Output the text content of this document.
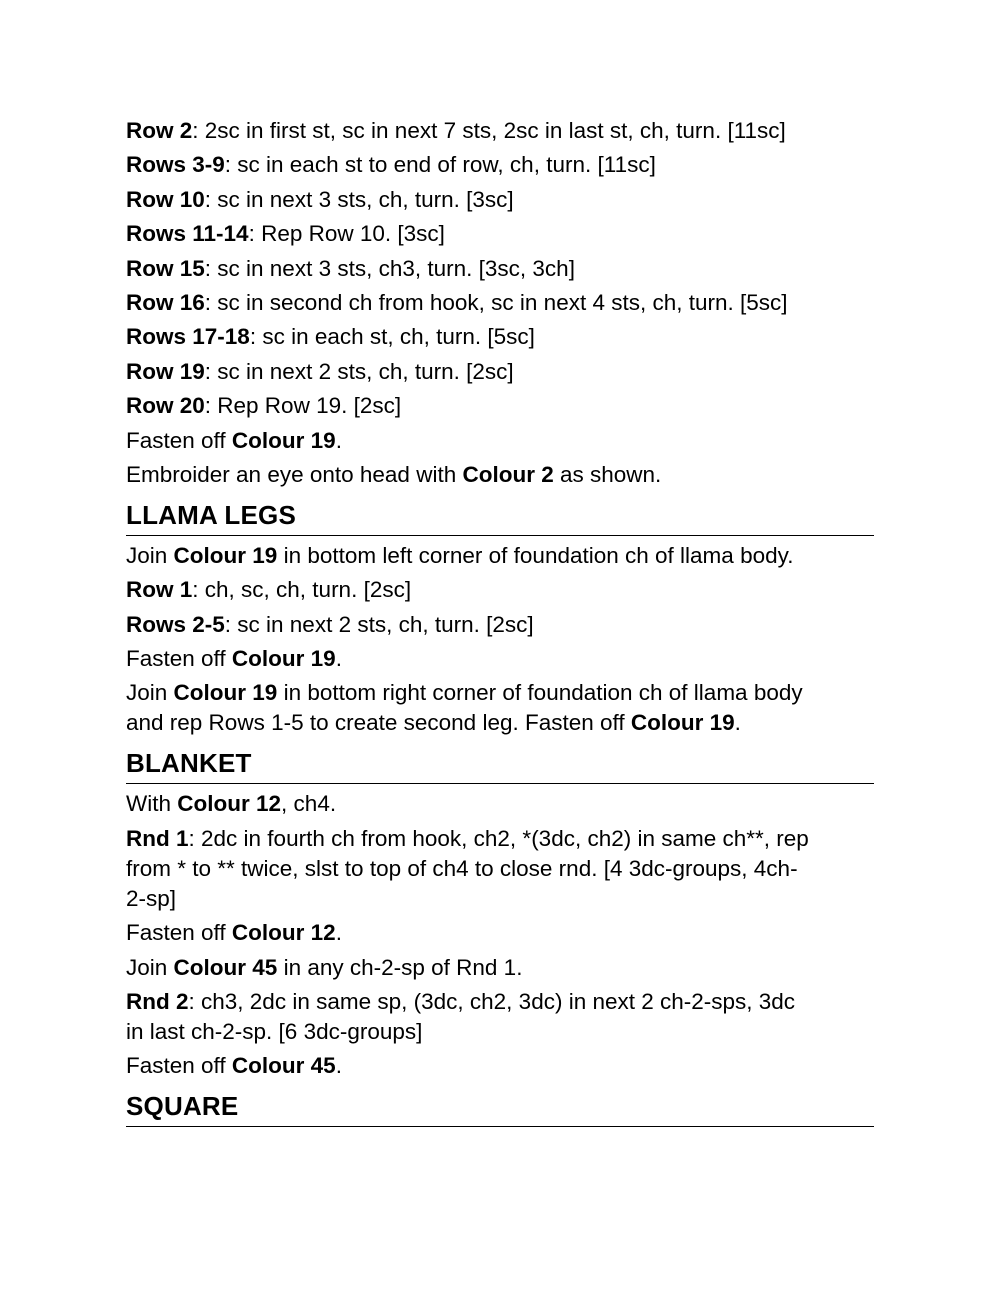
Row 2: 2sc in first st, sc in next 7 sts, 2sc in last st, ch, turn. [11sc]
Rows 3-9: sc in each st to end of row, ch, turn. [11sc]
Row 10: sc in next 3 sts, ch, turn. [3sc]
Rows 11-14: Rep Row 10. [3sc]
Row 15: sc in next 3 sts, ch3, turn. [3sc, 3ch]
Row 16: sc in second ch from hook, sc in next 4 sts, ch, turn. [5sc]
Rows 17-18: sc in each st, ch, turn. [5sc]
Row 19: sc in next 2 sts, ch, turn. [2sc]
Row 20: Rep Row 19. [2sc]
Fasten off Colour 19.
Embroider an eye onto head with Colour 2 as shown.
LLAMA LEGS
Join Colour 19 in bottom left corner of foundation ch of llama body.
Row 1: ch, sc, ch, turn. [2sc]
Rows 2-5: sc in next 2 sts, ch, turn. [2sc]
Fasten off Colour 19.
Join Colour 19 in bottom right corner of foundation ch of llama body
and rep Rows 1-5 to create second leg. Fasten off Colour 19.
BLANKET
With Colour 12, ch4.
Rnd 1: 2dc in fourth ch from hook, ch2, *(3dc, ch2) in same ch**, rep
from * to ** twice, slst to top of ch4 to close rnd. [4 3dc-groups, 4ch-
2-sp]
Fasten off Colour 12.
Join Colour 45 in any ch-2-sp of Rnd 1.
Rnd 2: ch3, 2dc in same sp, (3dc, ch2, 3dc) in next 2 ch-2-sps, 3dc
in last ch-2-sp. [6 3dc-groups]
Fasten off Colour 45.
SQUARE
